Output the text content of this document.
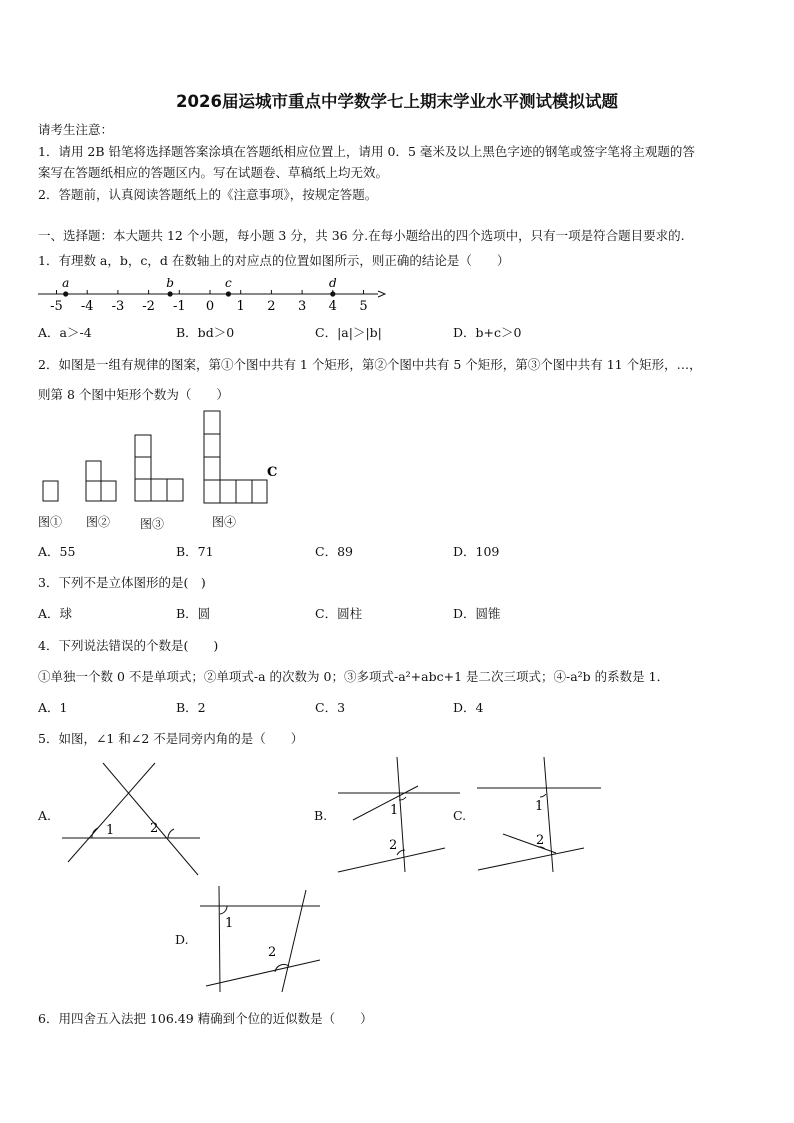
2026届运城市重点中学数学七上期末学业水平测试模拟试题
请考生注意：
1．请用 2B 铅笔将选择题答案涂填在答题纸相应位置上，请用 0．5 毫米及以上黑色字迹的钢笔或签字笔将主观题的答
案写在答题纸相应的答题区内。写在试题卷、草稿纸上均无效。
2．答题前，认真阅读答题纸上的《注意事项》，按规定答题。
一、选择题：本大题共 12 个小题，每小题 3 分，共 36 分.在每小题给出的四个选项中，只有一项是符合题目要求的.
1．有理数 a，b，c，d 在数轴上的对应点的位置如图所示，则正确的结论是（　　）
-5 -4 -3 -2 -1 0 1 2 3 4 5
a	b	c	d
A．a＞-4	B．bd＞0	C．|a|＞|b|	D．b+c＞0
2．如图是一组有规律的图案，第①个图中共有 1 个矩形，第②个图中共有 5 个矩形，第③个图中共有 11 个矩形，…，
则第 8 个图中矩形个数为（　　）
C
图① 图② 图③	图④
A．55	B．71	C．89	D．109
3．下列不是立体图形的是(　)
A．球	B．圆	C．圆柱	D．圆锥
4．下列说法错误的个数是(　　)
①单独一个数 0 不是单项式；②单项式-a 的次数为 0；③多项式-a²+abc+1 是二次三项式；④-a²b 的系数是 1．
A．1	B．2	C．3	D．4
5．如图，∠1 和∠2 不是同旁内角的是（　　）
A.
1	2
B.	1
2
C.
1
2
D.
1
2
6．用四舍五入法把 106.49 精确到个位的近似数是（　　）
